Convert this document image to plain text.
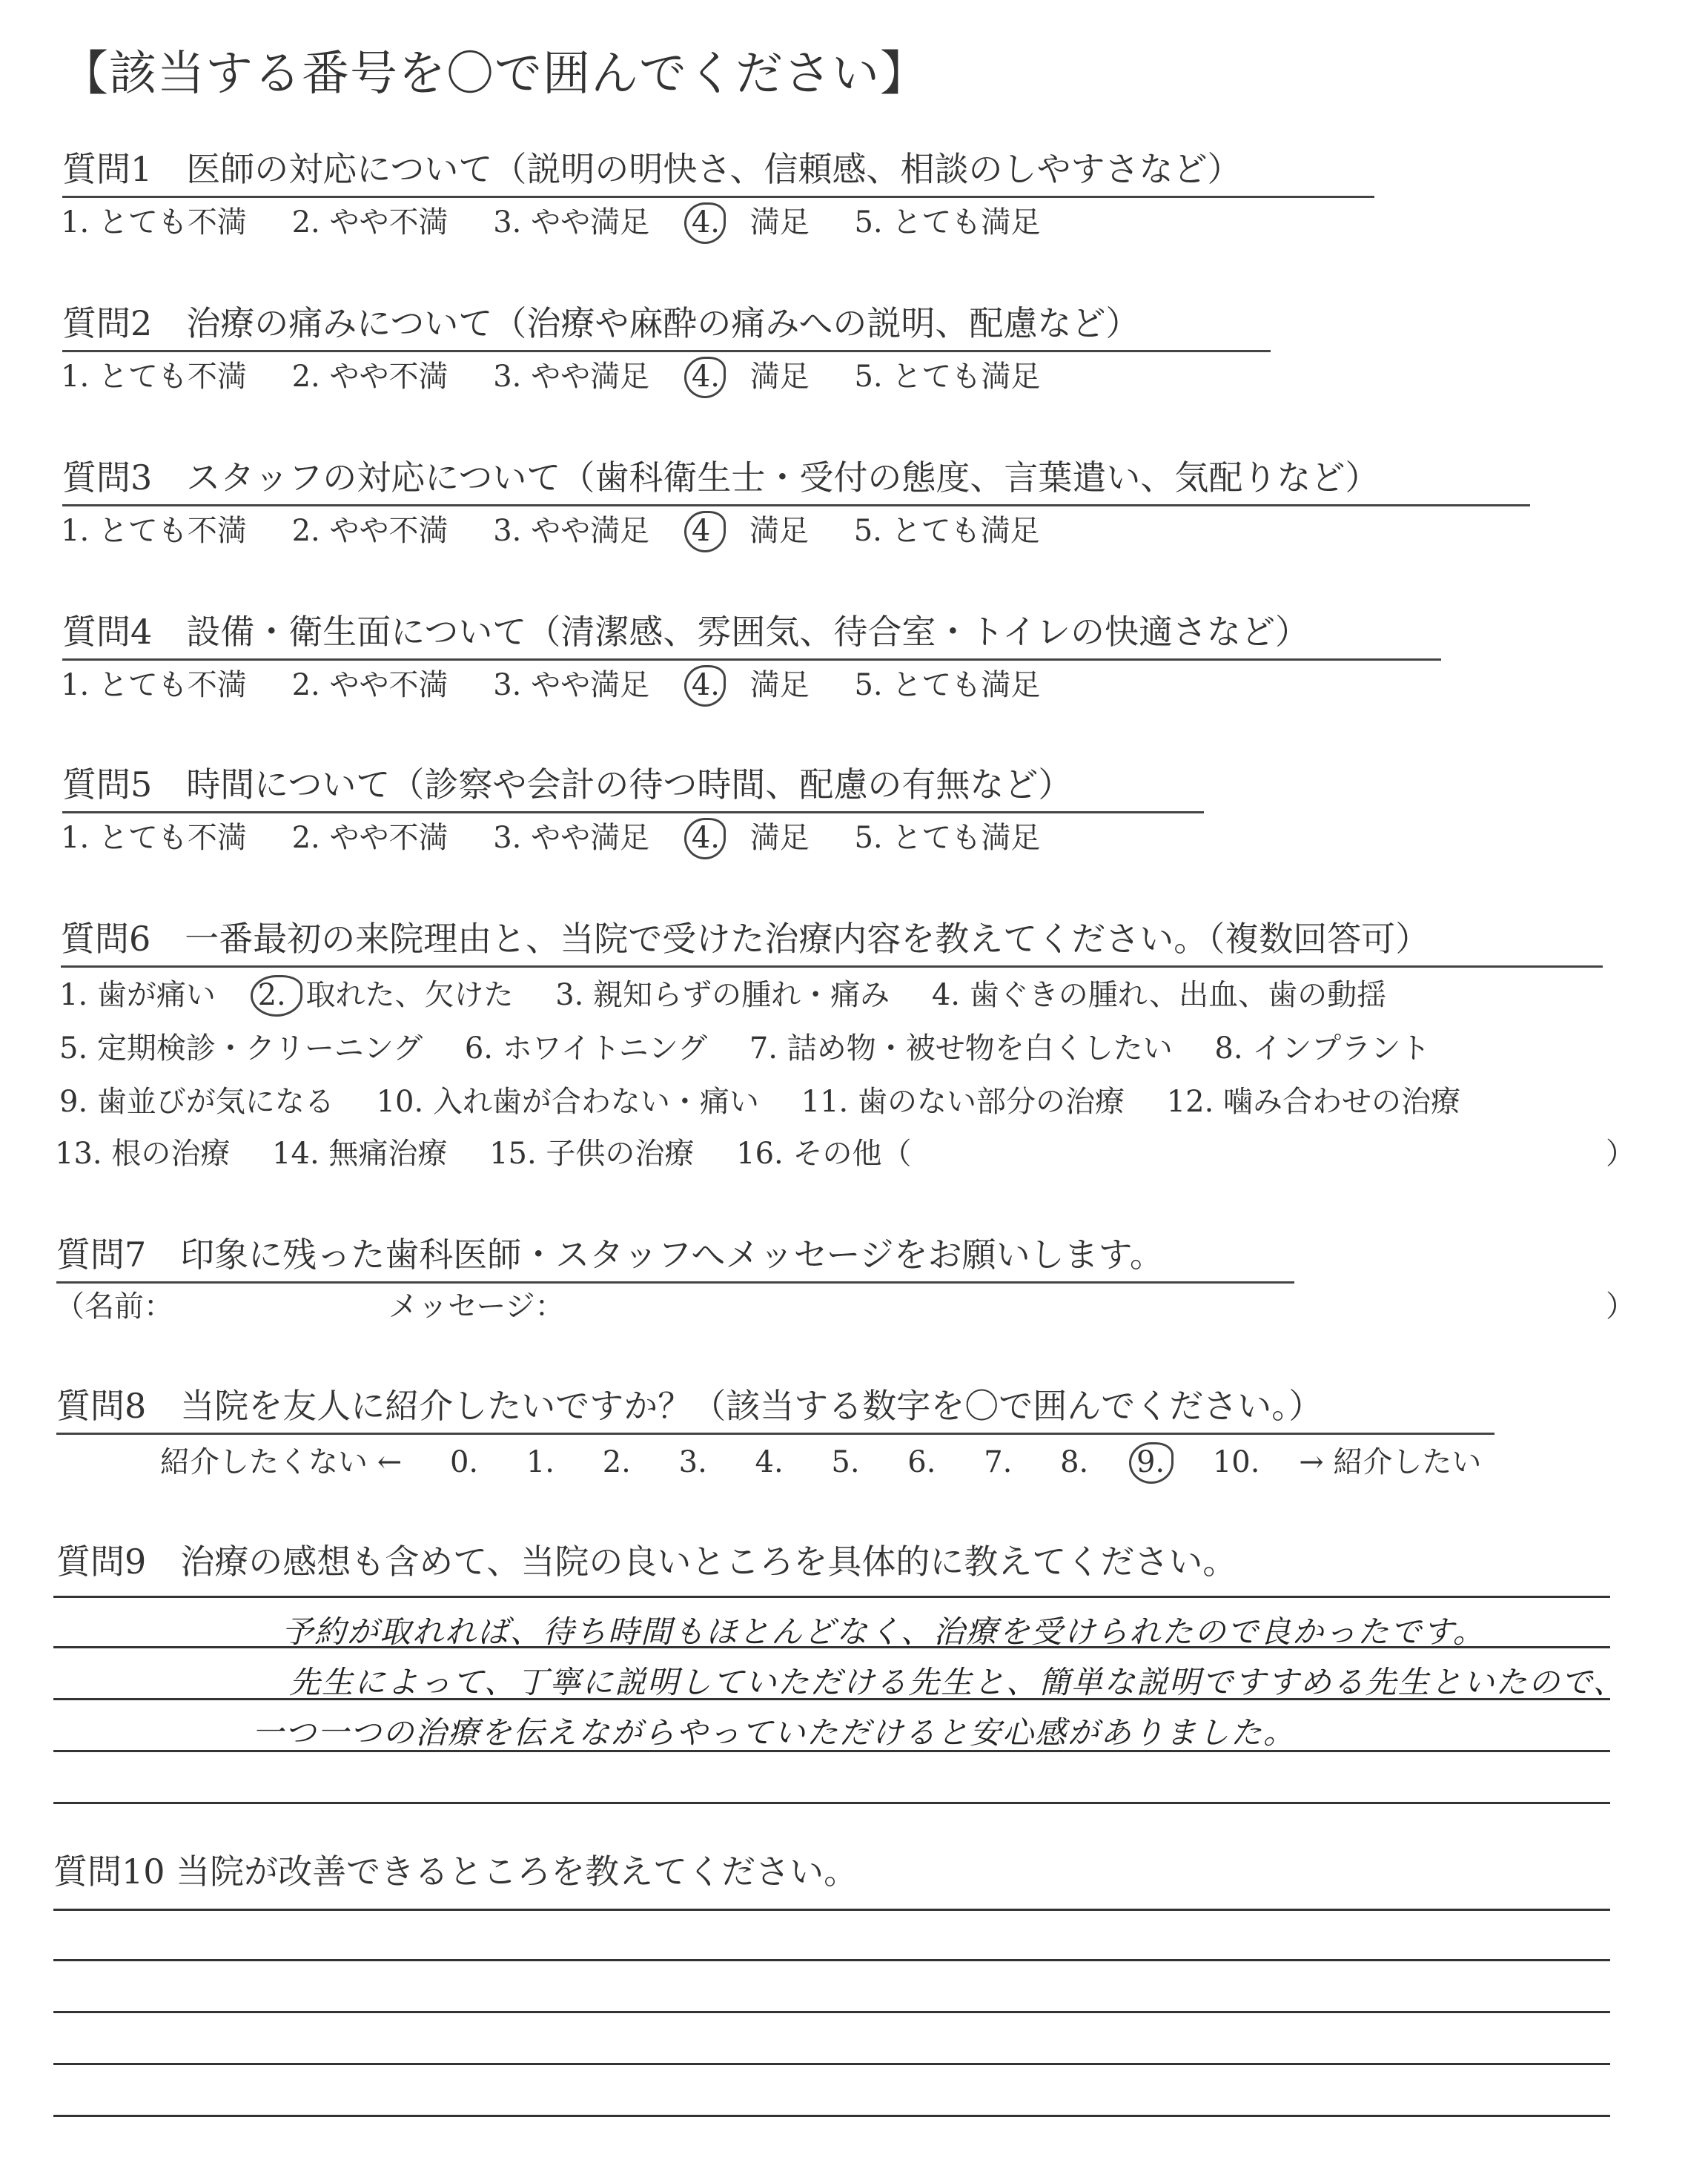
【該当する番号を〇で囲んでください】
質問1　医師の対応について（説明の明快さ、信頼感、相談のしやすさなど）
1. とても不満 2. やや不満 3. やや満足 4. 満足 5. とても満足
質問2　治療の痛みについて（治療や麻酔の痛みへの説明、配慮など）
1. とても不満 2. やや不満 3. やや満足 4. 満足 5. とても満足
質問3　スタッフの対応について（歯科衛生士・受付の態度、言葉遣い、気配りなど）
1. とても不満 2. やや不満 3. やや満足 4 満足 5. とても満足
質問4　設備・衛生面について（清潔感、雰囲気、待合室・トイレの快適さなど）
1. とても不満 2. やや不満 3. やや満足 4. 満足 5. とても満足
質問5　時間について（診察や会計の待つ時間、配慮の有無など）
1. とても不満 2. やや不満 3. やや満足 4. 満足 5. とても満足
質問6　一番最初の来院理由と、当院で受けた治療内容を教えてください。（複数回答可）
1. 歯が痛い 2. 取れた、欠けた 3. 親知らずの腫れ・痛み 4. 歯ぐきの腫れ、出血、歯の動揺
5. 定期検診・クリーニング 6. ホワイトニング 7. 詰め物・被せ物を白くしたい 8. インプラント
9. 歯並びが気になる 10. 入れ歯が合わない・痛い 11. 歯のない部分の治療 12. 噛み合わせの治療
13. 根の治療 14. 無痛治療 15. 子供の治療 16. その他（	）
質問7　印象に残った歯科医師・スタッフへメッセージをお願いします。
（名前：	メッセージ：	）
質問8　当院を友人に紹介したいですか？（該当する数字を〇で囲んでください。）
紹介したくない ← 0. 1. 2. 3. 4. 5. 6. 7. 8. 9. 10. → 紹介したい
質問9　治療の感想も含めて、当院の良いところを具体的に教えてください。
予約が取れれば、待ち時間もほとんどなく、治療を受けられたので良かったです。
先生によって、丁寧に説明していただける先生と、簡単な説明ですすめる先生といたので、
一つ一つの治療を伝えながらやっていただけると安心感がありました。
質問10 当院が改善できるところを教えてください。
